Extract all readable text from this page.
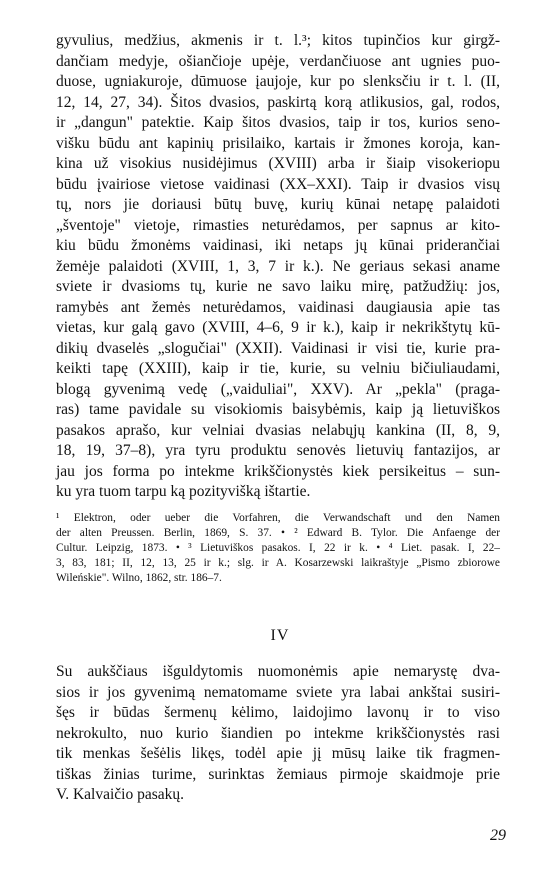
gyvulius, medžius, akmenis ir t. l.³; kitos tupinčios kur girgž-
dančiam medyje, ošiančioje upėje, verdančiuose ant ugnies puo-
duose, ugniakuroje, dūmuose įaujoje, kur po slenksčiu ir t. l. (II,
12, 14, 27, 34). Šitos dvasios, paskirtą korą atlikusios, gal, rodos,
ir „dangun" patektie. Kaip šitos dvasios, taip ir tos, kurios seno-
višku būdu ant kapinių prisilaiko, kartais ir žmones koroja, kan-
kina už visokius nusidėjimus (XVIII) arba ir šiaip visokeriopu
būdu įvairiose vietose vaidinasi (XX–XXI). Taip ir dvasios visų
tų, nors jie doriausi būtų buvę, kurių kūnai netapę palaidoti
„šventoje" vietoje, rimasties neturėdamos, per sapnus ar kito-
kiu būdu žmonėms vaidinasi, iki netaps jų kūnai priderančiai
žemėje palaidoti (XVIII, 1, 3, 7 ir k.). Ne geriaus sekasi aname
sviete ir dvasioms tų, kurie ne savo laiku mirę, patžudžių: jos,
ramybės ant žemės neturėdamos, vaidinasi daugiausia apie tas
vietas, kur galą gavo (XVIII, 4–6, 9 ir k.), kaip ir nekrikštytų kū-
dikių dvaselės „slogučiai" (XXII). Vaidinasi ir visi tie, kurie pra-
keikti tapę (XXIII), kaip ir tie, kurie, su velniu bičiuliaudami,
blogą gyvenimą vedę („vaiduliai", XXV). Ar „pekla" (praga-
ras) tame pavidale su visokiomis baisybėmis, kaip ją lietuviškos
pasakos aprašo, kur velniai dvasias nelabųjų kankina (II, 8, 9,
18, 19, 37–8), yra tyru produktu senovės lietuvių fantazijos, ar
jau jos forma po intekme krikščionystės kiek persikeitus – sun-
ku yra tuom tarpu ką pozityvišką ištartie.
¹ Elektron, oder ueber die Vorfahren, die Verwandschaft und den Namen
der alten Preussen. Berlin, 1869, S. 37. • ² Edward B. Tylor. Die Anfaenge der
Cultur. Leipzig, 1873. • ³ Lietuviškos pasakos. I, 22 ir k. • ⁴ Liet. pasak. I, 22–
3, 83, 181; II, 12, 13, 25 ir k.; slg. ir A. Kosarzewski laikraštyje „Pismo zbiorowe
Wileńskie". Wilno, 1862, str. 186–7.
IV
Su aukščiaus išguldytomis nuomonėmis apie nemarystę dva-
sios ir jos gyvenimą nematomame sviete yra labai ankštai susiri-
šęs ir būdas šermenų kėlimo, laidojimo lavonų ir to viso
nekrokulto, nuo kurio šiandien po intekme krikščionystės rasi
tik menkas šešėlis likęs, todėl apie jį mūsų laike tik fragmen-
tiškas žinias turime, surinktas žemiaus pirmoje skaidmoje prie
V. Kalvaičio pasakų.
29
